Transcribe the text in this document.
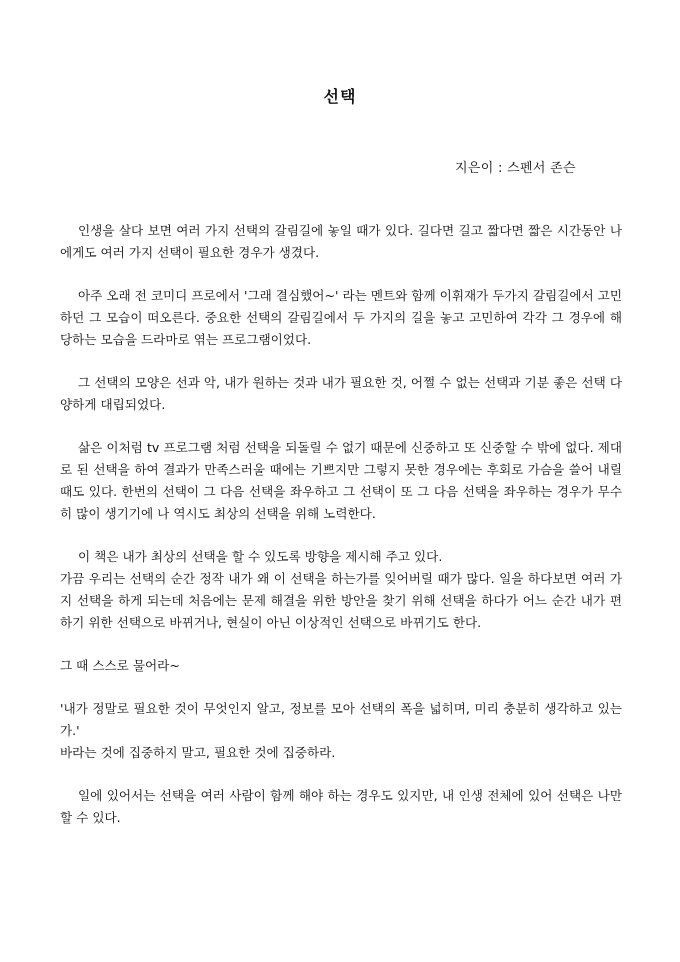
선택
지은이 : 스펜서 존슨

인생을 살다 보면 여러 가지 선택의 갈림길에 놓일 때가 있다. 길다면 길고 짧다면 짧은 시간동안 나에게도 여러 가지 선택이 필요한 경우가 생겼다.

아주 오래 전 코미디 프로에서 '그래 결심했어~' 라는 멘트와 함께 이휘재가 두가지 갈림길에서 고민하던 그 모습이 떠오른다. 중요한 선택의 갈림길에서 두 가지의 길을 놓고 고민하여 각각 그 경우에 해당하는 모습을 드라마로 엮는 프로그램이었다.

그 선택의 모양은 선과 악, 내가 원하는 것과 내가 필요한 것, 어쩔 수 없는 선택과 기분 좋은 선택 다양하게 대립되었다.

삶은 이처럼 tv 프로그램 처럼 선택을 되돌릴 수 없기 때문에 신중하고 또 신중할 수 밖에 없다. 제대로 된 선택을 하여 결과가 만족스러울 때에는 기쁘지만 그렇지 못한 경우에는 후회로 가슴을 쓸어 내릴 때도 있다. 한번의 선택이 그 다음 선택을 좌우하고 그 선택이 또 그 다음 선택을 좌우하는 경우가 무수히 많이 생기기에 나 역시도 최상의 선택을 위해 노력한다.

이 책은 내가 최상의 선택을 할 수 있도록 방향을 제시해 주고 있다.
가끔 우리는 선택의 순간 정작 내가 왜 이 선택을 하는가를 잊어버릴 때가 많다. 일을 하다보면 여러 가지 선택을 하게 되는데 처음에는 문제 해결을 위한 방안을 찾기 위해 선택을 하다가 어느 순간 내가 편하기 위한 선택으로 바뀌거나, 현실이 아닌 이상적인 선택으로 바뀌기도 한다.

그 때 스스로 물어라~

'내가 정말로 필요한 것이 무엇인지 알고, 정보를 모아 선택의 폭을 넓히며, 미리 충분히 생각하고 있는가.'
바라는 것에 집중하지 말고, 필요한 것에 집중하라.

일에 있어서는 선택을 여러 사람이 함께 해야 하는 경우도 있지만, 내 인생 전체에 있어 선택은 나만 할 수 있다.
